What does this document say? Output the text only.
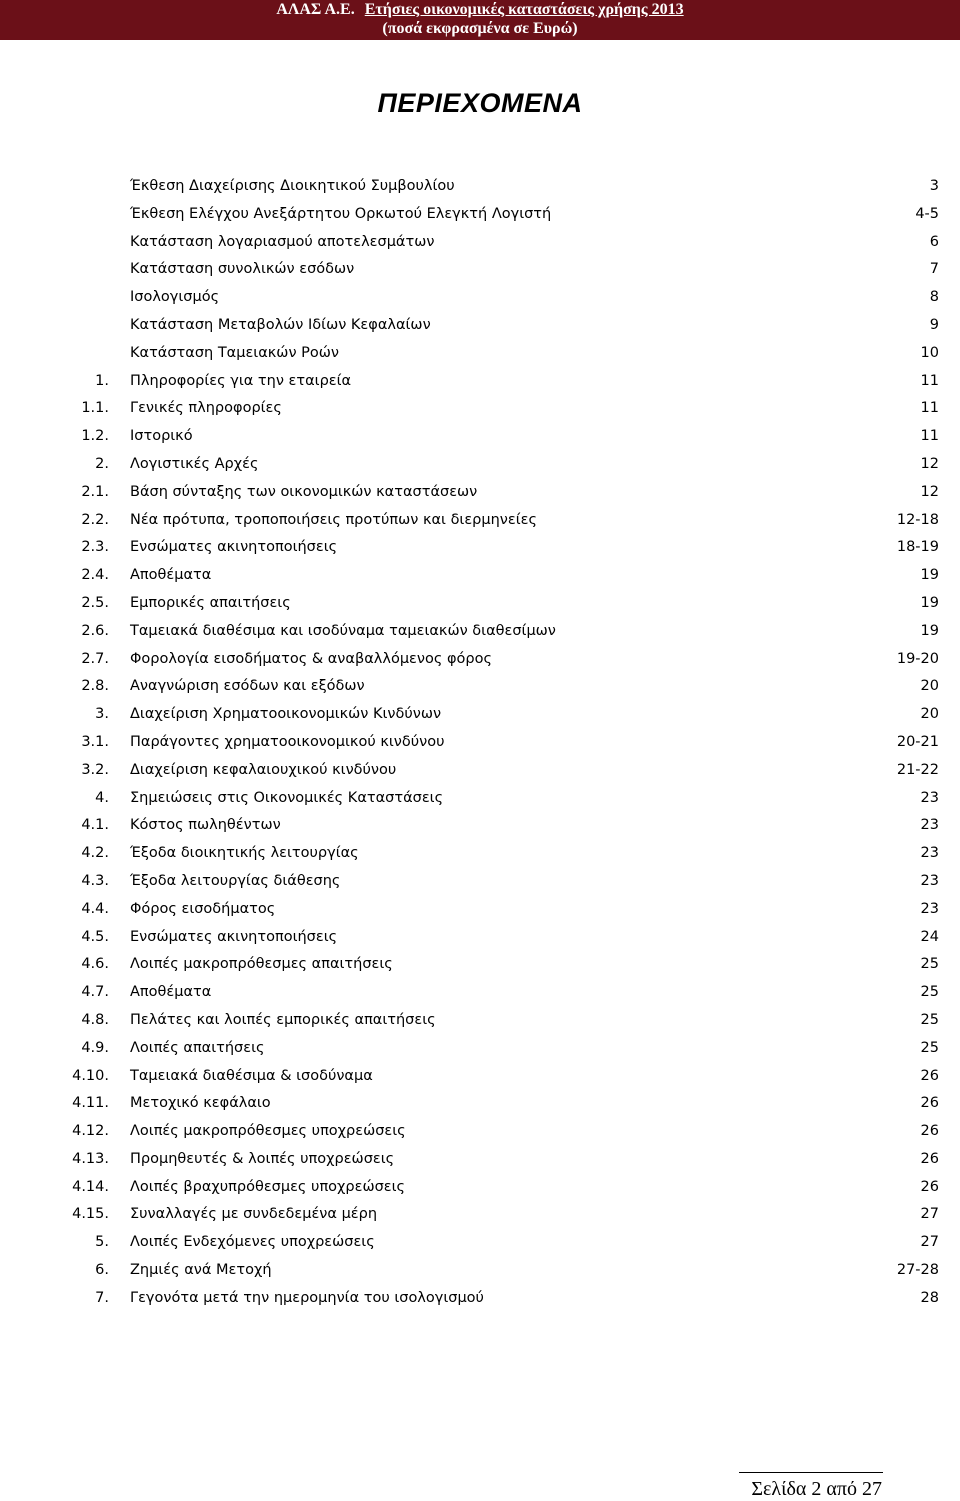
ΑΛΑΣ Α.Ε. Ετήσιες οικονομικές καταστάσεις χρήσης 2013
(ποσά εκφρασμένα σε Ευρώ)
ΠΕΡΙΕΧΟΜΕΝΑ
Έκθεση Διαχείρισης Διοικητικού Συμβουλίου	3
Έκθεση Ελέγχου Ανεξάρτητου Ορκωτού Ελεγκτή Λογιστή	4-5
Κατάσταση λογαριασμού αποτελεσμάτων	6
Κατάσταση συνολικών εσόδων	7
Ισολογισμός	8
Κατάσταση Μεταβολών Ιδίων Κεφαλαίων	9
Κατάσταση Ταμειακών Ροών	10
1. Πληροφορίες για την εταιρεία	11
1.1. Γενικές πληροφορίες	11
1.2. Ιστορικό	11
2. Λογιστικές Αρχές	12
2.1. Βάση σύνταξης των οικονομικών καταστάσεων	12
2.2. Νέα πρότυπα, τροποποιήσεις προτύπων και διερμηνείες	12-18
2.3. Ενσώματες ακινητοποιήσεις	18-19
2.4. Αποθέματα	19
2.5. Εμπορικές απαιτήσεις	19
2.6. Ταμειακά διαθέσιμα και ισοδύναμα ταμειακών διαθεσίμων	19
2.7. Φορολογία εισοδήματος & αναβαλλόμενος φόρος	19-20
2.8. Αναγνώριση εσόδων και εξόδων	20
3. Διαχείριση Χρηματοοικονομικών Κινδύνων	20
3.1. Παράγοντες χρηματοοικονομικού κινδύνου	20-21
3.2. Διαχείριση κεφαλαιουχικού κινδύνου	21-22
4. Σημειώσεις στις Οικονομικές Καταστάσεις	23
4.1. Κόστος πωληθέντων	23
4.2. Έξοδα διοικητικής λειτουργίας	23
4.3. Έξοδα λειτουργίας διάθεσης	23
4.4. Φόρος εισοδήματος	23
4.5. Ενσώματες ακινητοποιήσεις	24
4.6. Λοιπές μακροπρόθεσμες απαιτήσεις	25
4.7. Αποθέματα	25
4.8. Πελάτες και λοιπές εμπορικές απαιτήσεις	25
4.9. Λοιπές απαιτήσεις	25
4.10. Ταμειακά διαθέσιμα & ισοδύναμα	26
4.11. Μετοχικό κεφάλαιο	26
4.12. Λοιπές μακροπρόθεσμες υποχρεώσεις	26
4.13. Προμηθευτές & λοιπές υποχρεώσεις	26
4.14. Λοιπές βραχυπρόθεσμες υποχρεώσεις	26
4.15. Συναλλαγές με συνδεδεμένα μέρη	27
5. Λοιπές Ενδεχόμενες υποχρεώσεις	27
6. Ζημιές ανά Μετοχή	27-28
7. Γεγονότα μετά την ημερομηνία του ισολογισμού	28
Σελίδα 2 από 27
